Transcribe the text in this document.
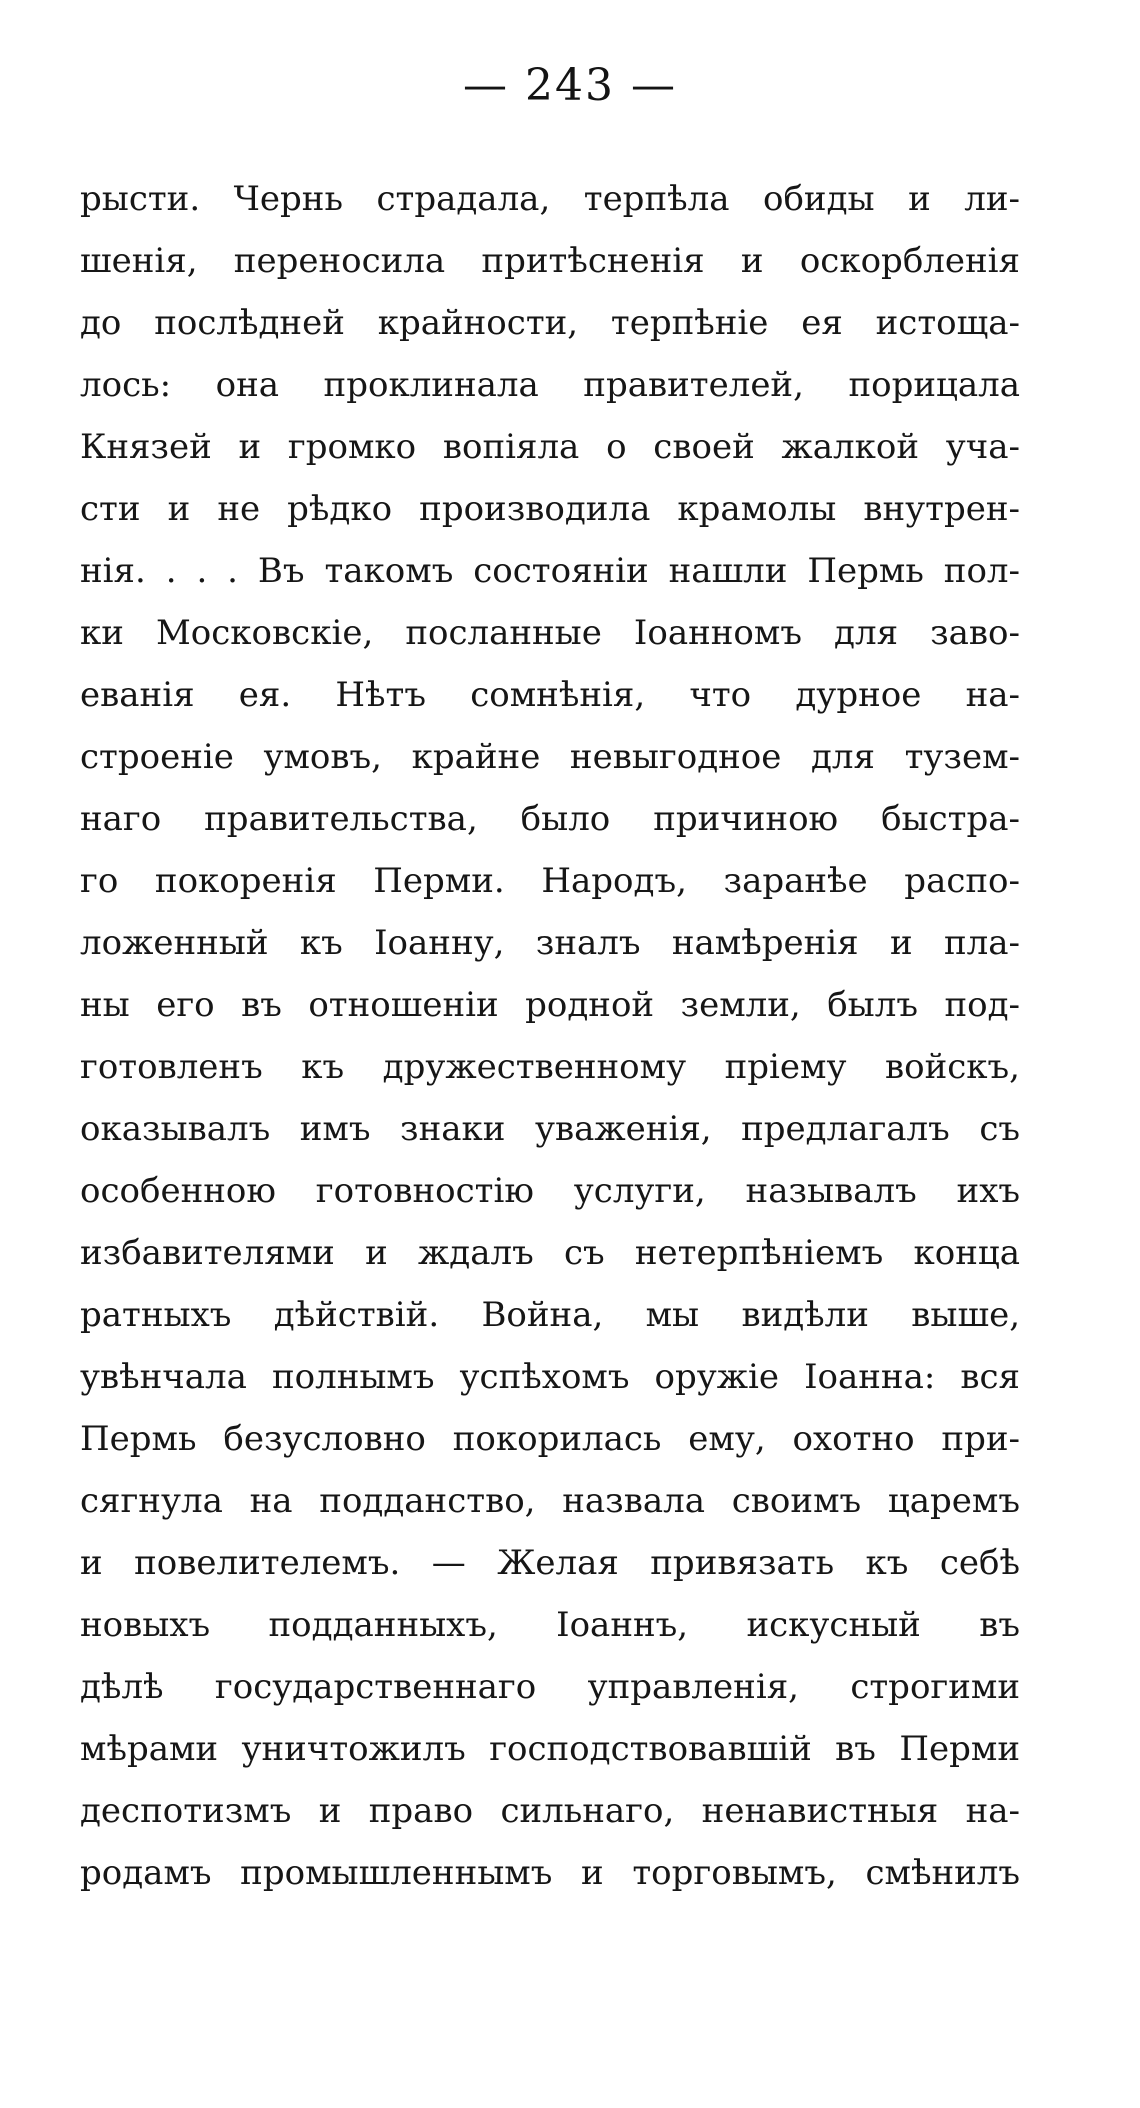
— 243 —
рысти. Чернь страдала, терпѣла обиды и ли-
шенія, переносила притѣсненія и оскорбленія
до послѣдней крайности, терпѣніе ея истоща-
лось: она проклинала правителей, порицала
Князей и громко вопіяла о своей жалкой уча-
сти и не рѣдко производила крамолы внутрен-
нія. . . . Въ такомъ состояніи нашли Пермь пол-
ки Московскіе, посланные Іоанномъ для заво-
еванія ея. Нѣтъ сомнѣнія, что дурное на-
строеніе умовъ, крайне невыгодное для тузем-
наго правительства, было причиною быстра-
го покоренія Перми. Народъ, заранѣе распо-
ложенный къ Іоанну, зналъ намѣренія и пла-
ны его въ отношеніи родной земли, былъ под-
готовленъ къ дружественному пріему войскъ,
оказывалъ имъ знаки уваженія, предлагалъ съ
особенною готовностію услуги, называлъ ихъ
избавителями и ждалъ съ нетерпѣніемъ конца
ратныхъ дѣйствій. Война, мы видѣли выше,
увѣнчала полнымъ успѣхомъ оружіе Іоанна: вся
Пермь безусловно покорилась ему, охотно при-
сягнула на подданство, назвала своимъ царемъ
и повелителемъ. — Желая привязать къ себѣ
новыхъ подданныхъ, Іоаннъ, искусный въ
дѣлѣ государственнаго управленія, строгими
мѣрами уничтожилъ господствовавшій въ Перми
деспотизмъ и право сильнаго, ненавистныя на-
родамъ промышленнымъ и торговымъ, смѣнилъ
